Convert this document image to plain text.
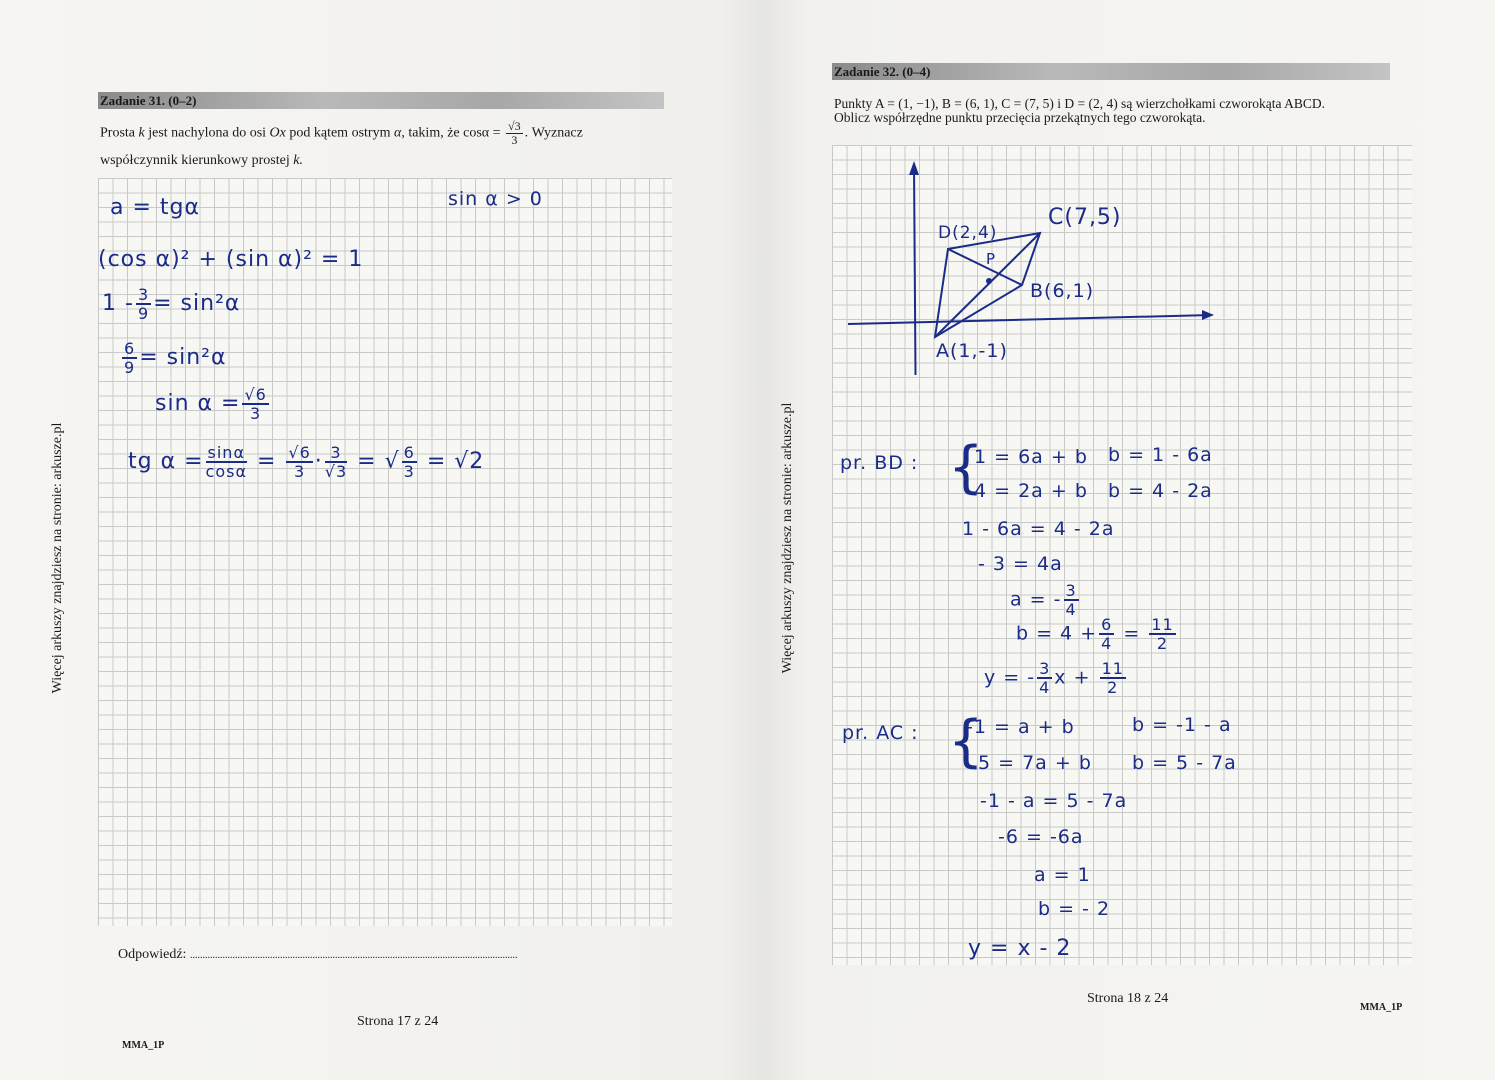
Więcej arkuszy znajdziesz na stronie: arkusze.pl
Zadanie 31. (0–2)
Prosta k jest nachylona do osi Ox pod kątem ostrym α, takim, że $\cos\alpha = \frac{√3}{3}$ . Wyznacz
współczynnik kierunkowy prostej k.
a = tgα	sin α > 0
(cos α)² + (sin α)² = 1
$1 - \frac{3}{9} = \sin^2\alpha$
$\frac{6}{9} = \sin^2\alpha$
$\sin \alpha = \frac{√6}{3}$
tg $\alpha = \frac{\sin\alpha}{\cos\alpha} = \frac{√6}{3} \cdot \frac{3}{√3}$ = √ $\frac{6}{3} = √2$
Odpowiedź: ...................................................................................................................................
Strona 17 z 24
MMA_1P
Więcej arkuszy znajdziesz na stronie: arkusze.pl
Zadanie 32. (0–4)
Punkty A = (1, −1), B = (6, 1), C = (7, 5) i D = (2, 4) są wierzchołkami czworokąta ABCD.
Oblicz współrzędne punktu przecięcia przekątnych tego czworokąta.
D(2,4)
C(7,5)
B(6,1)
A(1,-1)
P
pr. BD : {
1 = 6a + b
4 = 2a + b
b = 1 - 6a
b = 4 - 2a
1 - 6a = 4 - 2a
- 3 = 4a
a = - $\frac{3}{4}$
$b = 4 + \frac{6}{4} = \frac{11}{2}$
y = - $\frac{3}{4}$ $x + \frac{11}{2}$
pr. AC : {
-1 = a + b
5 = 7a + b
b = -1 - a
b = 5 - 7a
-1 - a = 5 - 7a
-6 = -6a
a = 1
b = - 2
y = x - 2
Strona 18 z 24
MMA_1P
